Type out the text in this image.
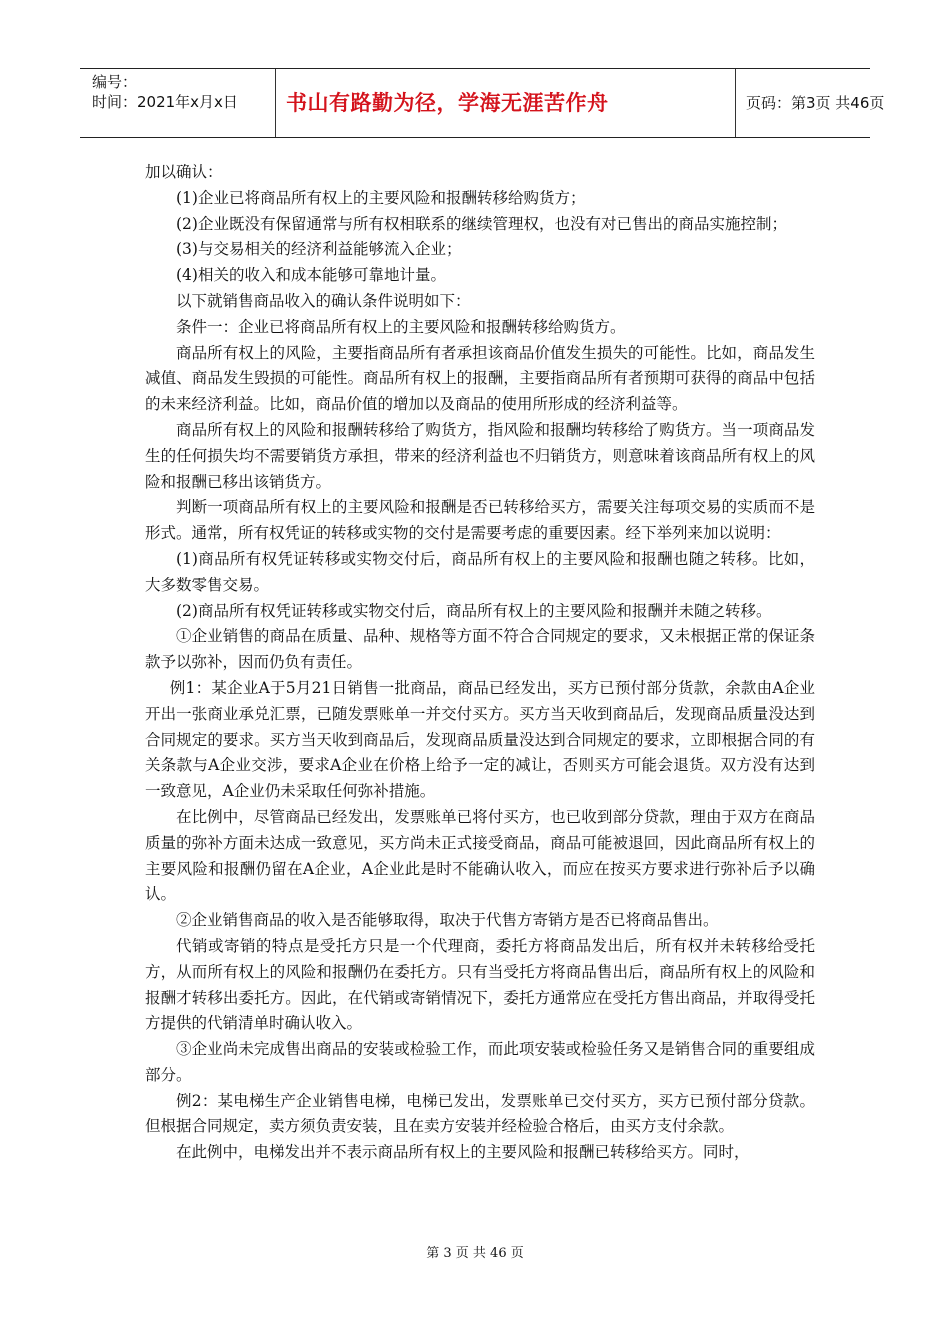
编号：
时间：2021年x月x日 书山有路勤为径，学海无涯苦作舟	页码：第3页 共46页

加以确认：

(1)企业已将商品所有权上的主要风险和报酬转移给购货方；

(2)企业既没有保留通常与所有权相联系的继续管理权，也没有对已售出的商品实施控制；

(3)与交易相关的经济利益能够流入企业；

(4)相关的收入和成本能够可靠地计量。

以下就销售商品收入的确认条件说明如下：

条件一：企业已将商品所有权上的主要风险和报酬转移给购货方。

商品所有权上的风险，主要指商品所有者承担该商品价值发生损失的可能性。比如，商品发生减值、商品发生毁损的可能性。商品所有权上的报酬，主要指商品所有者预期可获得的商品中包括的未来经济利益。比如，商品价值的增加以及商品的使用所形成的经济利益等。

商品所有权上的风险和报酬转移给了购货方，指风险和报酬均转移给了购货方。当一项商品发生的任何损失均不需要销货方承担，带来的经济利益也不归销货方，则意味着该商品所有权上的风险和报酬已移出该销货方。

判断一项商品所有权上的主要风险和报酬是否已转移给买方，需要关注每项交易的实质而不是形式。通常，所有权凭证的转移或实物的交付是需要考虑的重要因素。经下举列来加以说明：

(1)商品所有权凭证转移或实物交付后，商品所有权上的主要风险和报酬也随之转移。比如，大多数零售交易。

(2)商品所有权凭证转移或实物交付后，商品所有权上的主要风险和报酬并未随之转移。

①企业销售的商品在质量、品种、规格等方面不符合合同规定的要求，又未根据正常的保证条款予以弥补，因而仍负有责任。

例1：某企业A于5月21日销售一批商品，商品已经发出，买方已预付部分货款，余款由A企业开出一张商业承兑汇票，已随发票账单一并交付买方。买方当天收到商品后，发现商品质量没达到合同规定的要求。买方当天收到商品后，发现商品质量没达到合同规定的要求，立即根据合同的有关条款与A企业交涉，要求A企业在价格上给予一定的减让，否则买方可能会退货。双方没有达到一致意见，A企业仍未采取任何弥补措施。

在比例中，尽管商品已经发出，发票账单已将付买方，也已收到部分贷款，理由于双方在商品质量的弥补方面未达成一致意见，买方尚未正式接受商品，商品可能被退回，因此商品所有权上的主要风险和报酬仍留在A企业，A企业此是时不能确认收入，而应在按买方要求进行弥补后予以确认。

②企业销售商品的收入是否能够取得，取决于代售方寄销方是否已将商品售出。

代销或寄销的特点是受托方只是一个代理商，委托方将商品发出后，所有权并未转移给受托方，从而所有权上的风险和报酬仍在委托方。只有当受托方将商品售出后，商品所有权上的风险和报酬才转移出委托方。因此，在代销或寄销情况下，委托方通常应在受托方售出商品，并取得受托方提供的代销清单时确认收入。

③企业尚未完成售出商品的安装或检验工作，而此项安装或检验任务又是销售合同的重要组成部分。

例2：某电梯生产企业销售电梯，电梯已发出，发票账单已交付买方，买方已预付部分贷款。但根据合同规定，卖方须负责安装，且在卖方安装并经检验合格后，由买方支付余款。

在此例中，电梯发出并不表示商品所有权上的主要风险和报酬已转移给买方。同时，

第 3 页 共 46 页
